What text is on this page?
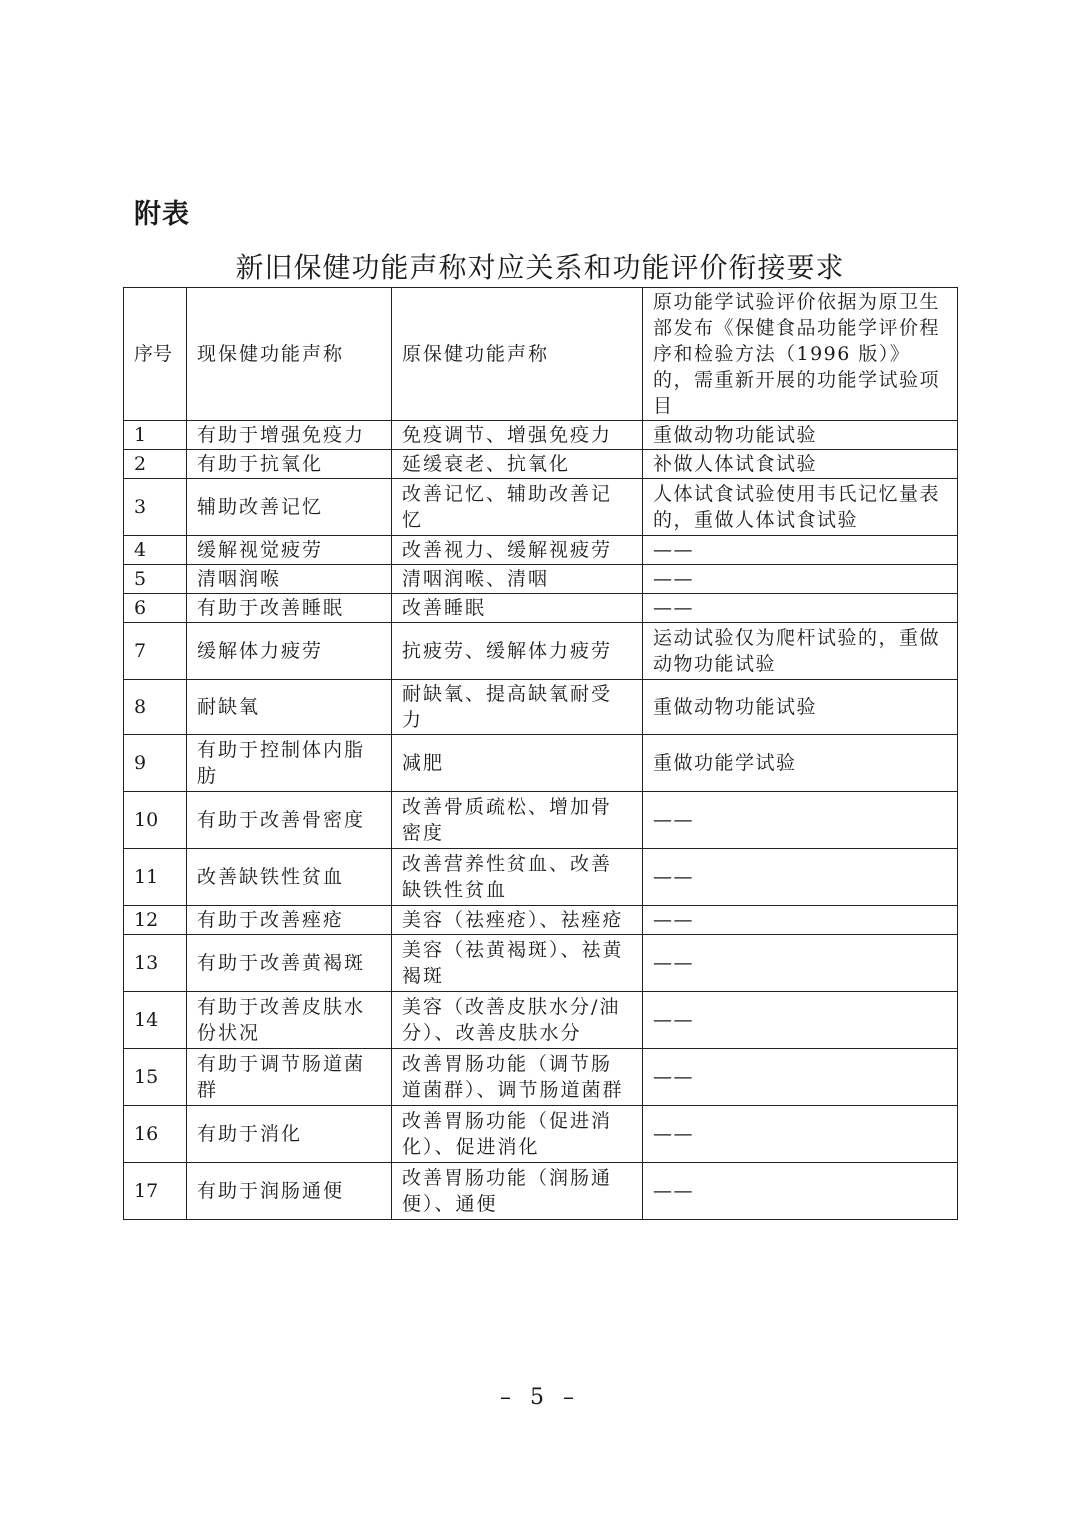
附表
新旧保健功能声称对应关系和功能评价衔接要求
序号	现保健功能声称	原保健功能声称	原功能学试验评价依据为原卫生部发布《保健食品功能学评价程序和检验方法（1996 版）》的，需重新开展的功能学试验项目
1	有助于增强免疫力	免疫调节、增强免疫力	重做动物功能试验
2	有助于抗氧化	延缓衰老、抗氧化	补做人体试食试验
3	辅助改善记忆	改善记忆、辅助改善记忆	人体试食试验使用韦氏记忆量表的，重做人体试食试验
4	缓解视觉疲劳	改善视力、缓解视疲劳	——
5	清咽润喉	清咽润喉、清咽	——
6	有助于改善睡眠	改善睡眠	——
7	缓解体力疲劳	抗疲劳、缓解体力疲劳	运动试验仅为爬杆试验的，重做动物功能试验
8	耐缺氧	耐缺氧、提高缺氧耐受力	重做动物功能试验
9	有助于控制体内脂肪	减肥	重做功能学试验
10	有助于改善骨密度	改善骨质疏松、增加骨密度	——
11	改善缺铁性贫血	改善营养性贫血、改善缺铁性贫血	——
12	有助于改善痤疮	美容（祛痤疮）、祛痤疮	——
13	有助于改善黄褐斑	美容（祛黄褐斑）、祛黄褐斑	——
14	有助于改善皮肤水份状况	美容（改善皮肤水分/油分）、改善皮肤水分	——
15	有助于调节肠道菌群	改善胃肠功能（调节肠道菌群）、调节肠道菌群	——
16	有助于消化	改善胃肠功能（促进消化）、促进消化	——
17	有助于润肠通便	改善胃肠功能（润肠通便）、通便	——
– 5 –
